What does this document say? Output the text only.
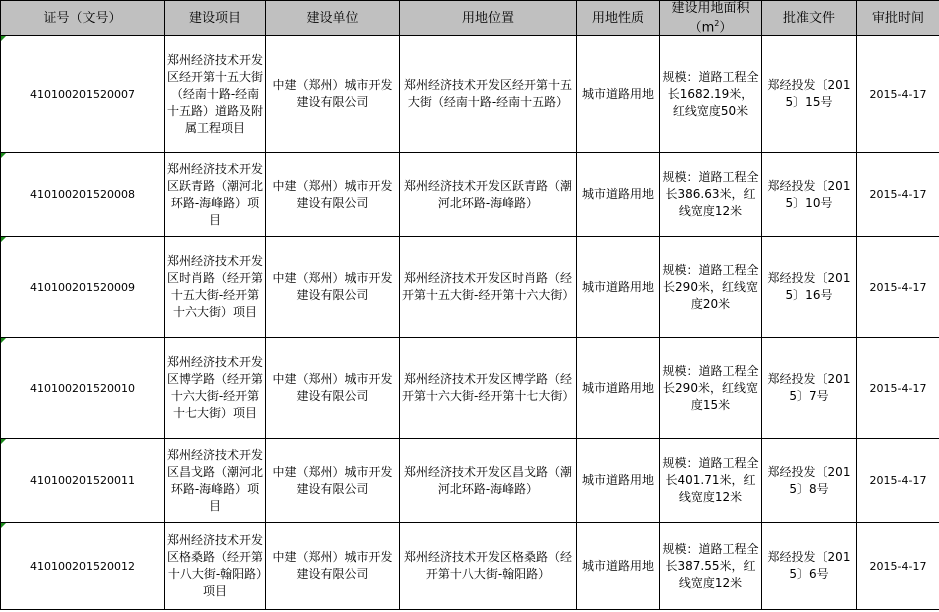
证号（文号）	建设项目	建设单位	用地位置	用地性质	建设用地面积$(m^2)$	批准文件	审批时间

410100201520007	郑州经济技术开发区经开第十五大街（经南十路-经南十五路）道路及附属工程项目	中建（郑州）城市开发建设有限公司	郑州经济技术开发区经开第十五大街（经南十路-经南十五路）	城市道路用地	规模：道路工程全长1682.19米，红线宽度50米	郑经投发〔2015〕15号	2015-4-17

410100201520008	郑州经济技术开发区跃青路（潮河北环路-海峰路）项目	中建（郑州）城市开发建设有限公司	郑州经济技术开发区跃青路（潮河北环路-海峰路）	城市道路用地	规模：道路工程全长386.63米，红线宽度12米	郑经投发〔2015〕10号	2015-4-17

410100201520009	郑州经济技术开发区时肖路（经开第十五大街-经开第十六大街）项目	中建（郑州）城市开发建设有限公司	郑州经济技术开发区时肖路（经开第十五大街-经开第十六大街）	城市道路用地	规模：道路工程全长290米，红线宽度20米	郑经投发〔2015〕16号	2015-4-17

410100201520010	郑州经济技术开发区博学路（经开第十六大街-经开第十七大街）项目	中建（郑州）城市开发建设有限公司	郑州经济技术开发区博学路（经开第十六大街-经开第十七大街）	城市道路用地	规模：道路工程全长290米，红线宽度15米	郑经投发〔2015〕7号	2015-4-17

410100201520011	郑州经济技术开发区昌戈路（潮河北环路-海峰路）项目	中建（郑州）城市开发建设有限公司	郑州经济技术开发区昌戈路（潮河北环路-海峰路）	城市道路用地	规模：道路工程全长401.71米，红线宽度12米	郑经投发〔2015〕8号	2015-4-17

410100201520012	郑州经济技术开发区格桑路（经开第十八大街-翰阳路）项目	中建（郑州）城市开发建设有限公司	郑州经济技术开发区格桑路（经开第十八大街-翰阳路）	城市道路用地	规模：道路工程全长387.55米，红线宽度12米	郑经投发〔2015〕6号	2015-4-17
